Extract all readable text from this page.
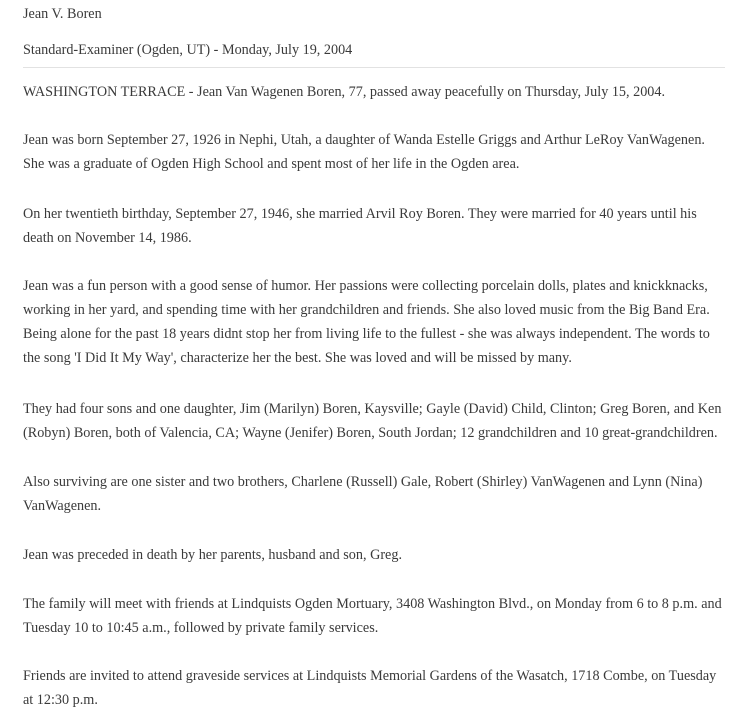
Jean V. Boren
Standard-Examiner (Ogden, UT) - Monday, July 19, 2004

WASHINGTON TERRACE - Jean Van Wagenen Boren, 77, passed away peacefully on Thursday, July 15, 2004.

Jean was born September 27, 1926 in Nephi, Utah, a daughter of Wanda Estelle Griggs and Arthur LeRoy VanWagenen. She was a graduate of Ogden High School and spent most of her life in the Ogden area.

On her twentieth birthday, September 27, 1946, she married Arvil Roy Boren. They were married for 40 years until his death on November 14, 1986.

Jean was a fun person with a good sense of humor. Her passions were collecting porcelain dolls, plates and knickknacks, working in her yard, and spending time with her grandchildren and friends. She also loved music from the Big Band Era. Being alone for the past 18 years didnt stop her from living life to the fullest - she was always independent. The words to the song 'I Did It My Way', characterize her the best. She was loved and will be missed by many.

They had four sons and one daughter, Jim (Marilyn) Boren, Kaysville; Gayle (David) Child, Clinton; Greg Boren, and Ken (Robyn) Boren, both of Valencia, CA; Wayne (Jenifer) Boren, South Jordan; 12 grandchildren and 10 great-grandchildren.

Also surviving are one sister and two brothers, Charlene (Russell) Gale, Robert (Shirley) VanWagenen and Lynn (Nina) VanWagenen.

Jean was preceded in death by her parents, husband and son, Greg.

The family will meet with friends at Lindquists Ogden Mortuary, 3408 Washington Blvd., on Monday from 6 to 8 p.m. and Tuesday 10 to 10:45 a.m., followed by private family services.

Friends are invited to attend graveside services at Lindquists Memorial Gardens of the Wasatch, 1718 Combe, on Tuesday at 12:30 p.m.
